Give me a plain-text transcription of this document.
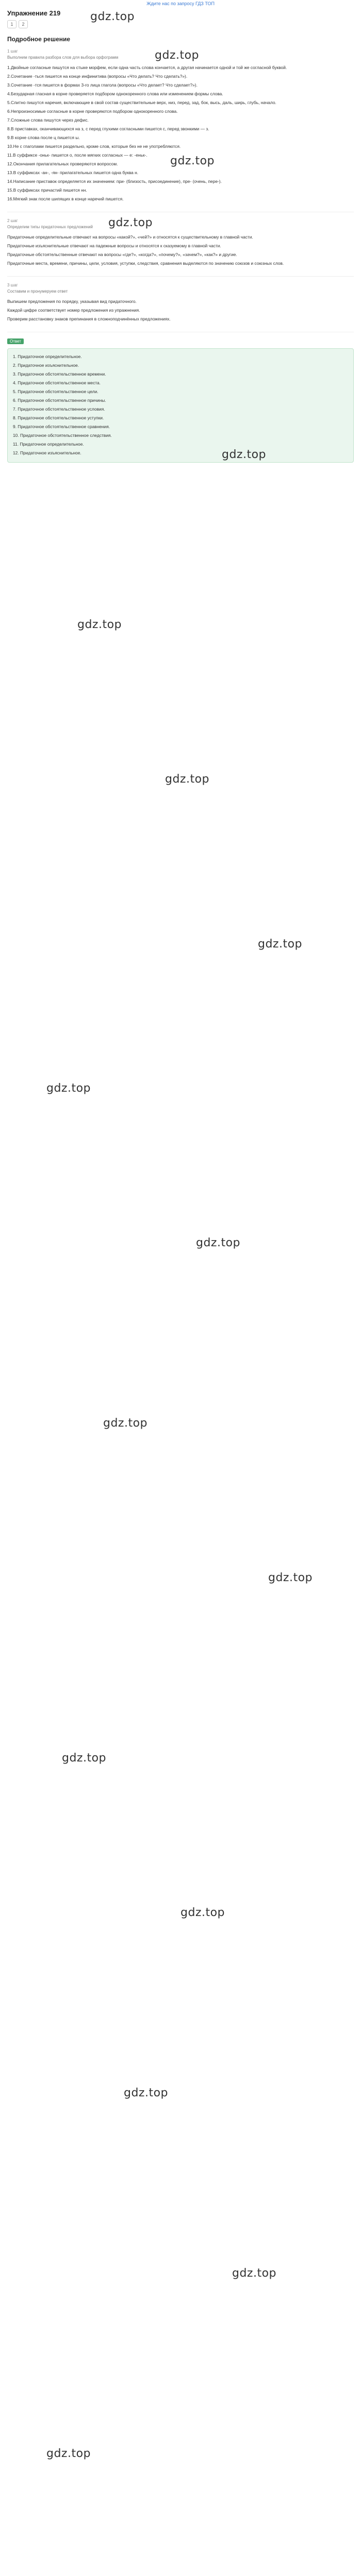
Ждите нас по запросу ГДЗ ТОП
Упражнение 219
1	2
Подробное решение
1 шаг
Выполним правила разбора слов для выбора орфограмм

1.Двойные согласные пишутся на стыке морфем, если одна часть слова кончается, а другая начинается одной и той же согласной буквой.

2.Сочетание -тьcя пишется на конце инфинитива (вопросы «Что делать? Что сделать?»).

3.Сочетание -тся пишется в формах 3-го лица глагола (вопросы «Что делает? Что сделает?»).

4.Безударная гласная в корне проверяется подбором однокоренного слова или изменением формы слова.

5.Слитно пишутся наречия, включающие в свой состав существительные верх, низ, перед, зад, бок, высь, даль, ширь, глубь, начало.

6.Непроизносимые согласные в корне проверяются подбором однокоренного слова.

7.Сложные слова пишутся через дефис.

8.В приставках, оканчивающихся на з, с перед глухими согласными пишется с, перед звонкими — з.

9.В корне слова после ц пишется ы.

10.Не с глаголами пишется раздельно, кроме слов, которые без не не употребляются.

11.В суффиксе -оньк- пишется о, после мягких согласных — е: -еньк-.

12.Окончания прилагательных проверяются вопросом.

13.В суффиксах -ан-, -ян- прилагательных пишется одна буква н.

14.Написание приставок определяется их значением: при- (близость, присоединение), пре- (очень, пере-).

15.В суффиксах причастий пишется нн.

16.Мягкий знак после шипящих в конце наречий пишется.

2 шаг
Определим типы придаточных предложений

Придаточные определительные отвечают на вопросы «какой?», «чей?» и относятся к существительному в главной части.

Придаточные изъяснительные отвечают на падежные вопросы и относятся к сказуемому в главной части.

Придаточные обстоятельственные отвечают на вопросы «где?», «когда?», «почему?», «зачем?», «как?» и другие.

Придаточные места, времени, причины, цели, условия, уступки, следствия, сравнения выделяются по значению союзов и союзных слов.

3 шаг
Составим и пронумеруем ответ

Выпишем предложения по порядку, указывая вид придаточного.

Каждой цифре соответствует номер предложения из упражнения.

Проверим расстановку знаков препинания в сложноподчинённых предложениях.

Ответ

1. Придаточное определительное.

2. Придаточное изъяснительное.

3. Придаточное обстоятельственное времени.

4. Придаточное обстоятельственное места.

5. Придаточное обстоятельственное цели.

6. Придаточное обстоятельственное причины.

7. Придаточное обстоятельственное условия.

8. Придаточное обстоятельственное уступки.

9. Придаточное обстоятельственное сравнения.

10. Придаточное обстоятельственное следствия.

11. Придаточное определительное.

12. Придаточное изъяснительное.

gdz.top
gdz.top
gdz.top
gdz.top
gdz.top
gdz.top
gdz.top
gdz.top
gdz.top
gdz.top
gdz.top
gdz.top
gdz.top
gdz.top
gdz.top
gdz.top
gdz.top
